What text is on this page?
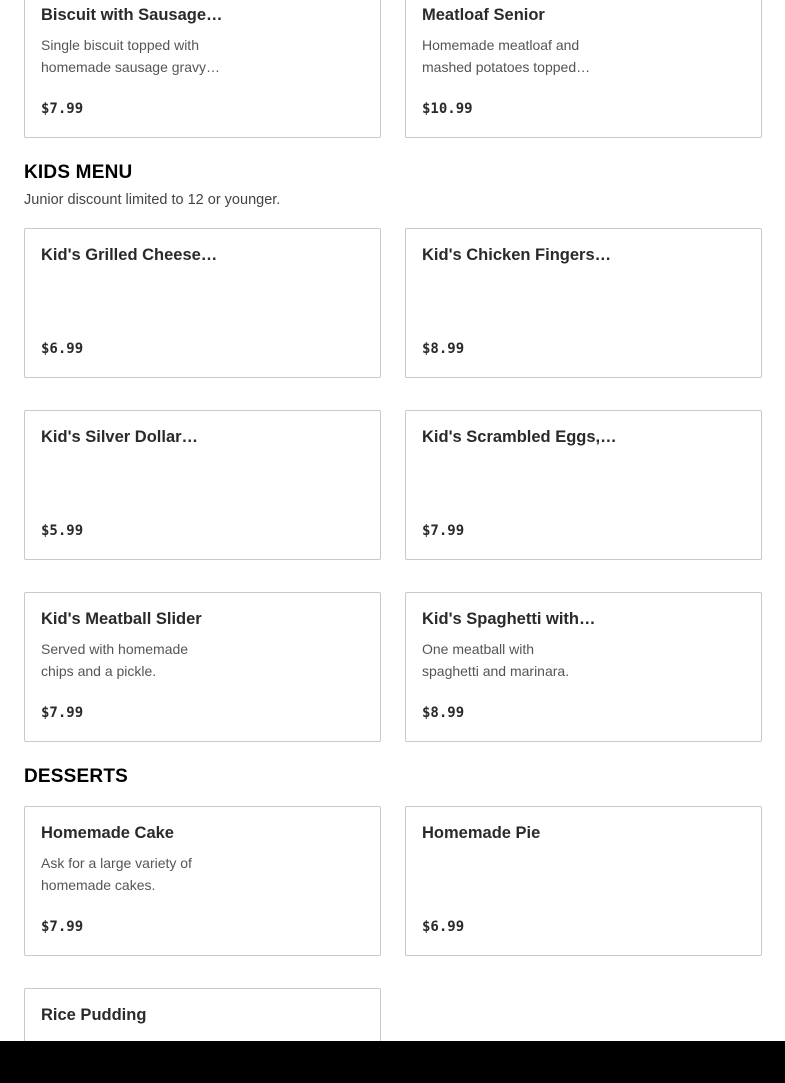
Biscuit with Sausage…
Single biscuit topped with
homemade sausage gravy…
$7.99
Meatloaf Senior
Homemade meatloaf and
mashed potatoes topped…
$10.99
KIDS MENU
Junior discount limited to 12 or younger.
Kid's Grilled Cheese…
$6.99
Kid's Chicken Fingers…
$8.99
Kid's Silver Dollar…
$5.99
Kid's Scrambled Eggs,…
$7.99
Kid's Meatball Slider
Served with homemade
chips and a pickle.
$7.99
Kid's Spaghetti with…
One meatball with
spaghetti and marinara.
$8.99
DESSERTS
Homemade Cake
Ask for a large variety of
homemade cakes.
$7.99
Homemade Pie
$6.99
Rice Pudding
